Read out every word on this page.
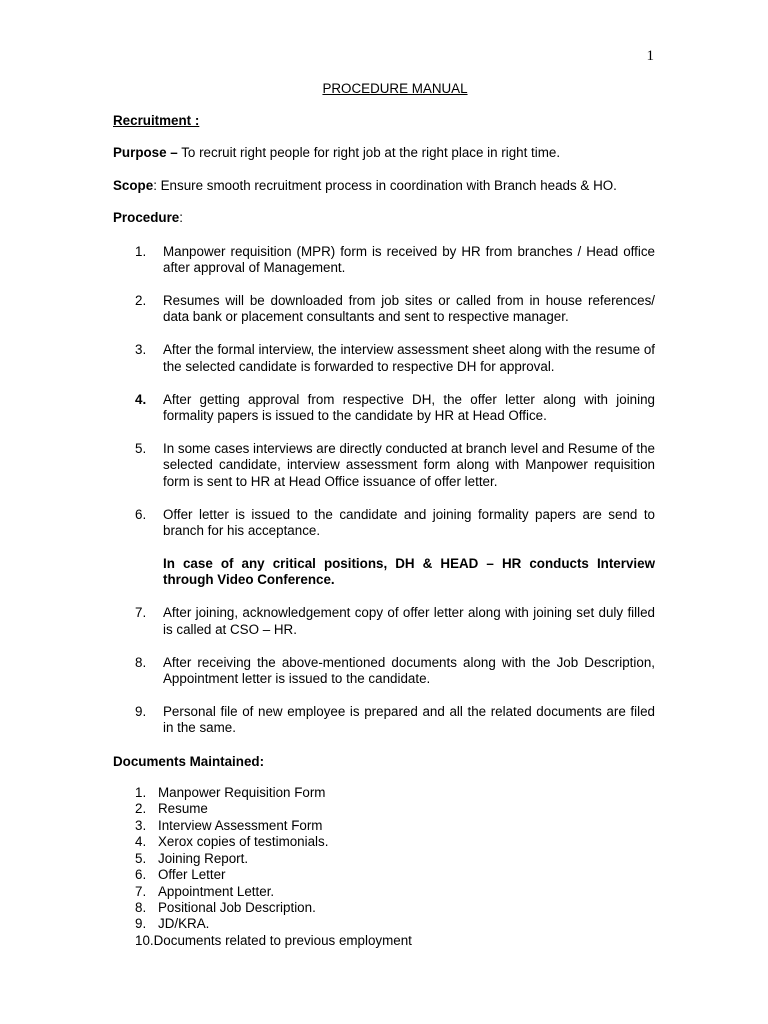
1
PROCEDURE MANUAL

Recruitment :

Purpose – To recruit right people for right job at the right place in right time.

Scope: Ensure smooth recruitment process in coordination with Branch heads & HO.

Procedure:

1. Manpower requisition (MPR) form is received by HR from branches / Head office after approval of Management.
2. Resumes will be downloaded from job sites or called from in house references/ data bank or placement consultants and sent to respective manager.
3. After the formal interview, the interview assessment sheet along with the resume of the selected candidate is forwarded to respective DH for approval.
4. After getting approval from respective DH, the offer letter along with joining formality papers is issued to the candidate by HR at Head Office.
5. In some cases interviews are directly conducted at branch level and Resume of the selected candidate, interview assessment form along with Manpower requisition form is sent to HR at Head Office issuance of offer letter.
6. Offer letter is issued to the candidate and joining formality papers are send to branch for his acceptance.
In case of any critical positions, DH & HEAD – HR conducts Interview through Video Conference.
7. After joining, acknowledgement copy of offer letter along with joining set duly filled is called at CSO – HR.
8. After receiving the above-mentioned documents along with the Job Description, Appointment letter is issued to the candidate.
9. Personal file of new employee is prepared and all the related documents are filed in the same.

Documents Maintained:

1. Manpower Requisition Form
2. Resume
3. Interview Assessment Form
4. Xerox copies of testimonials.
5. Joining Report.
6. Offer Letter
7. Appointment Letter.
8. Positional Job Description.
9. JD/KRA.
10.Documents related to previous employment
